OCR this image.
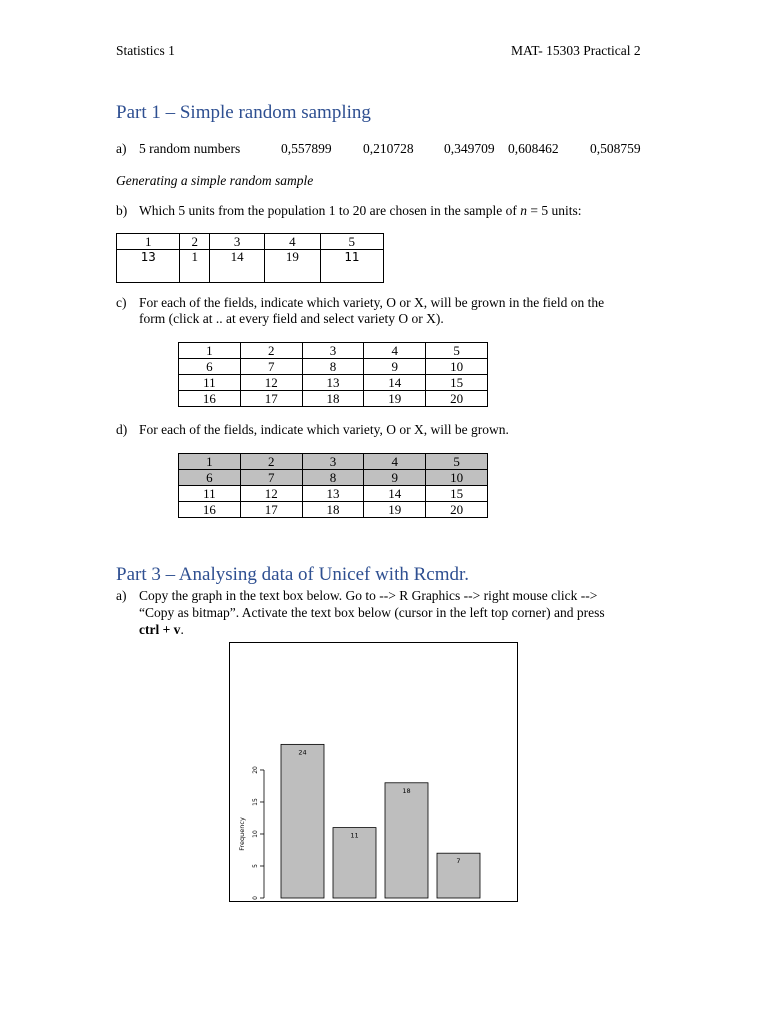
Statistics 1	MAT- 15303 Practical 2
Part 1 – Simple random sampling
a) 5 random numbers	0,557899 0,210728 0,349709 0,608462 0,508759
Generating a simple random sample
b) Which 5 units from the population 1 to 20 are chosen in the sample of n = 5 units:
1	2	3	4	5
13	1	14	19	11
c) For each of the fields, indicate which variety, O or X, will be grown in the field on the
form (click at .. at every field and select variety O or X).
1	2	3	4	5
6	7	8	9	10
11	12	13	14	15
16	17	18	19	20
d) For each of the fields, indicate which variety, O or X, will be grown.
1	2	3	4	5
6	7	8	9	10
11	12	13	14	15
16	17	18	19	20
Part 3 – Analysing data of Unicef with Rcmdr.
a) Copy the graph in the text box below. Go to --> R Graphics --> right mouse click -->
“Copy as bitmap”. Activate the text box below (cursor in the left top corner) and press
ctrl + v.
0
5
10
15
20
Frequency
24
11
18
7
